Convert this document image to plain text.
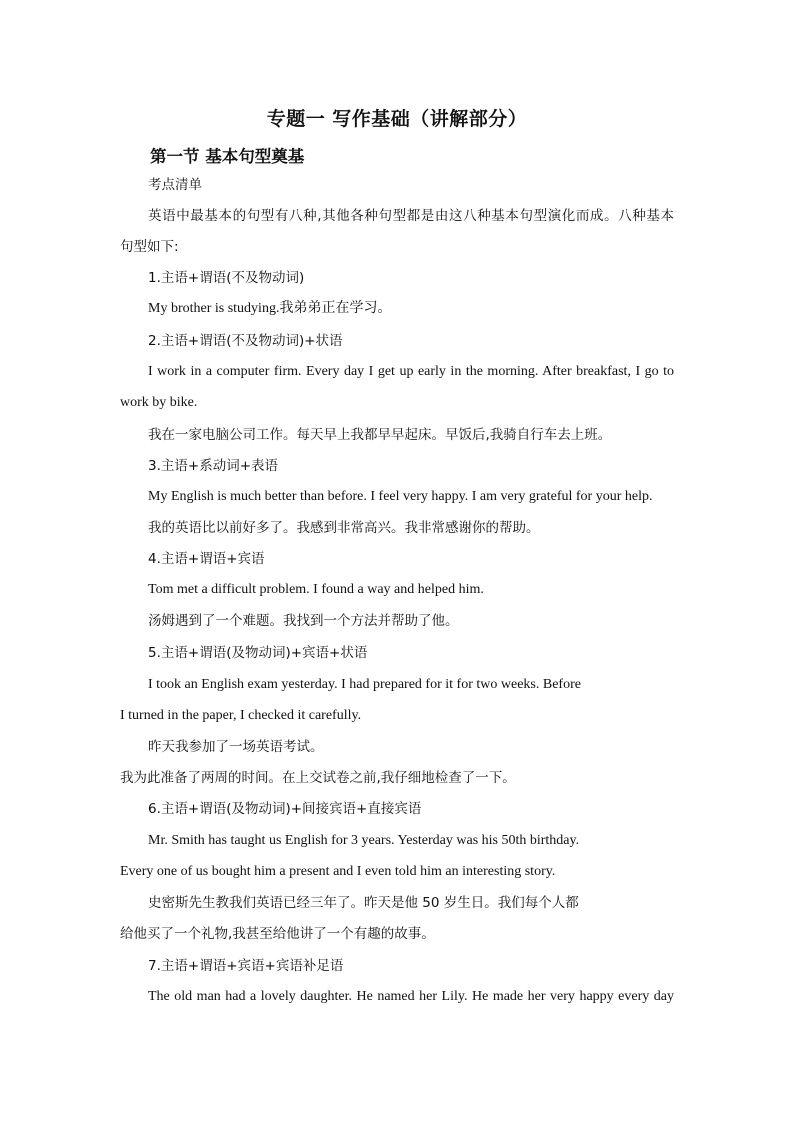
专题一 写作基础（讲解部分）
第一节 基本句型奠基
考点清单
英语中最基本的句型有八种,其他各种句型都是由这八种基本句型演化而成。八种基本
句型如下:
1.主语+谓语(不及物动词)
My brother is studying.我弟弟正在学习。
2.主语+谓语(不及物动词)+状语
I work in a computer firm. Every day I get up early in the morning. After breakfast, I go to
work by bike.
我在一家电脑公司工作。每天早上我都早早起床。早饭后,我骑自行车去上班。
3.主语+系动词+表语
My English is much better than before. I feel very happy. I am very grateful for your help.
我的英语比以前好多了。我感到非常高兴。我非常感谢你的帮助。
4.主语+谓语+宾语
Tom met a difficult problem. I found a way and helped him.
汤姆遇到了一个难题。我找到一个方法并帮助了他。
5.主语+谓语(及物动词)+宾语+状语
I took an English exam yesterday. I had prepared for it for two weeks. Before
I turned in the paper, I checked it carefully.
昨天我参加了一场英语考试。
我为此准备了两周的时间。在上交试卷之前,我仔细地检查了一下。
6.主语+谓语(及物动词)+间接宾语+直接宾语
Mr. Smith has taught us English for 3 years. Yesterday was his 50th birthday.
Every one of us bought him a present and I even told him an interesting story.
史密斯先生教我们英语已经三年了。昨天是他 50 岁生日。我们每个人都
给他买了一个礼物,我甚至给他讲了一个有趣的故事。
7.主语+谓语+宾语+宾语补足语
The old man had a lovely daughter. He named her Lily. He made her very happy every day
